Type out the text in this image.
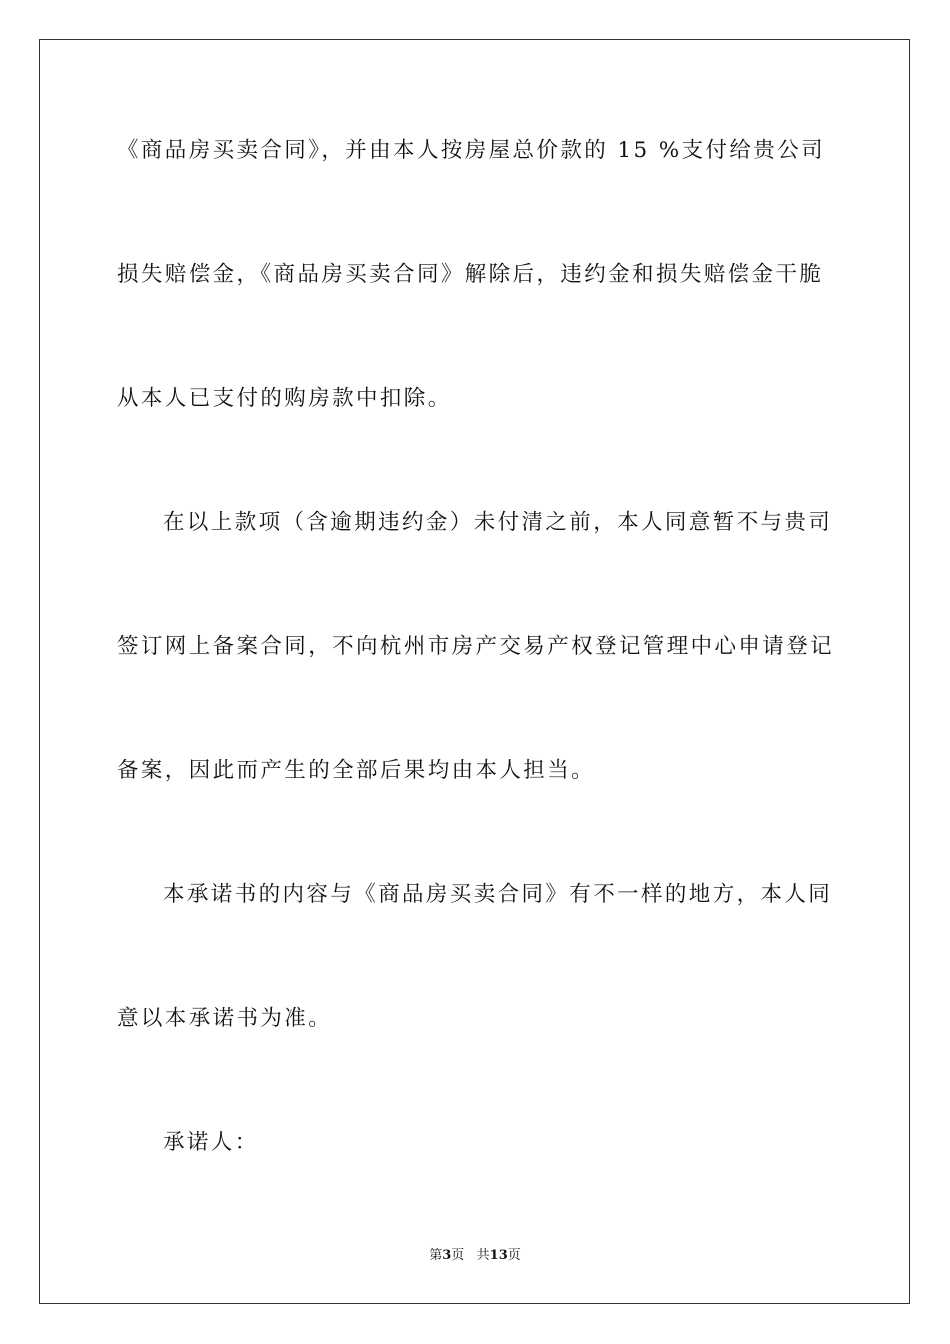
《商品房买卖合同》，并由本人按房屋总价款的 15 %支付给贵公司
损失赔偿金，《商品房买卖合同》解除后，违约金和损失赔偿金干脆
从本人已支付的购房款中扣除。
在以上款项（含逾期违约金）未付清之前，本人同意暂不与贵司
签订网上备案合同，不向杭州市房产交易产权登记管理中心申请登记
备案，因此而产生的全部后果均由本人担当。
本承诺书的内容与《商品房买卖合同》有不一样的地方，本人同
意以本承诺书为准。
承诺人：
第3页   共13页
